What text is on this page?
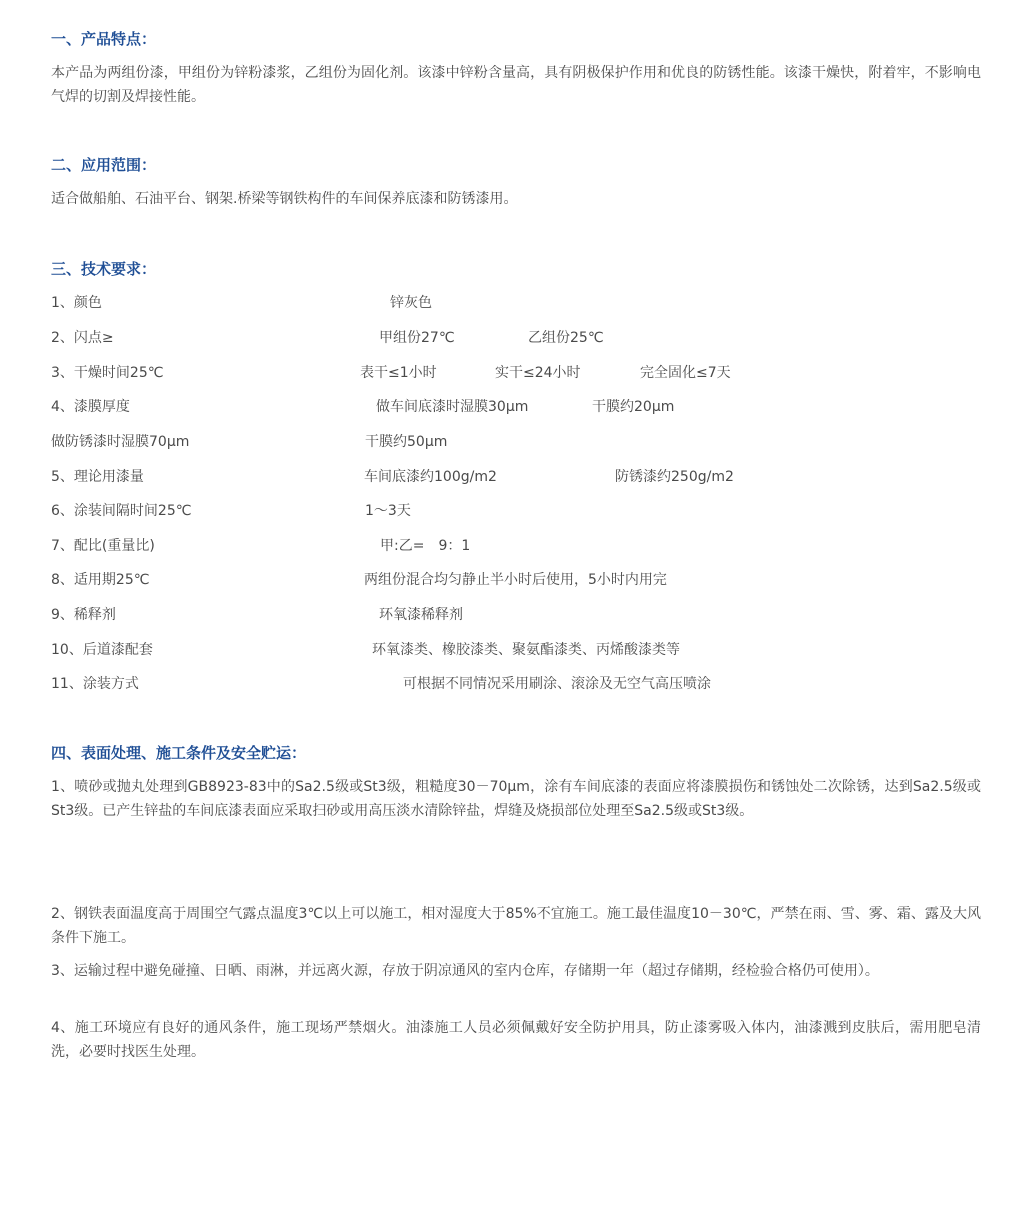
一、产品特点：
本产品为两组份漆，甲组份为锌粉漆浆，乙组份为固化剂。该漆中锌粉含量高，具有阴极保护作用和优良的防锈性能。该漆干燥快，附着牢，不影响电气焊的切割及焊接性能。
二、应用范围：
适合做船舶、石油平台、钢架.桥梁等钢铁构件的车间保养底漆和防锈漆用。
三、技术要求：
1、颜色	锌灰色
2、闪点≥	甲组份27℃	乙组份25℃
3、干燥时间25℃	表干≤1小时	实干≤24小时	完全固化≤7天
4、漆膜厚度	做车间底漆时湿膜30μm	干膜约20μm
做防锈漆时湿膜70μm	干膜约50μm
5、理论用漆量	车间底漆约100g/m2	防锈漆约250g/m2
6、涂装间隔时间25℃	1～3天
7、配比(重量比)	甲:乙=　9：1
8、适用期25℃	两组份混合均匀静止半小时后使用，5小时内用完
9、稀释剂	环氧漆稀释剂
10、后道漆配套	环氧漆类、橡胶漆类、聚氨酯漆类、丙烯酸漆类等
11、涂装方式	可根据不同情况采用刷涂、滚涂及无空气高压喷涂
四、表面处理、施工条件及安全贮运：
1、喷砂或抛丸处理到GB8923-83中的Sa2.5级或St3级，粗糙度30－70μm，涂有车间底漆的表面应将漆膜损伤和锈蚀处二次除锈，达到Sa2.5级或St3级。已产生锌盐的车间底漆表面应采取扫砂或用高压淡水清除锌盐，焊缝及烧损部位处理至Sa2.5级或St3级。
2、钢铁表面温度高于周围空气露点温度3℃以上可以施工，相对湿度大于85%不宜施工。施工最佳温度10－30℃，严禁在雨、雪、雾、霜、露及大风条件下施工。
3、运输过程中避免碰撞、日晒、雨淋，并远离火源，存放于阴凉通风的室内仓库，存储期一年（超过存储期，经检验合格仍可使用）。
4、施工环境应有良好的通风条件，施工现场严禁烟火。油漆施工人员必须佩戴好安全防护用具，防止漆雾吸入体内，油漆溅到皮肤后，需用肥皂清洗，必要时找医生处理。
